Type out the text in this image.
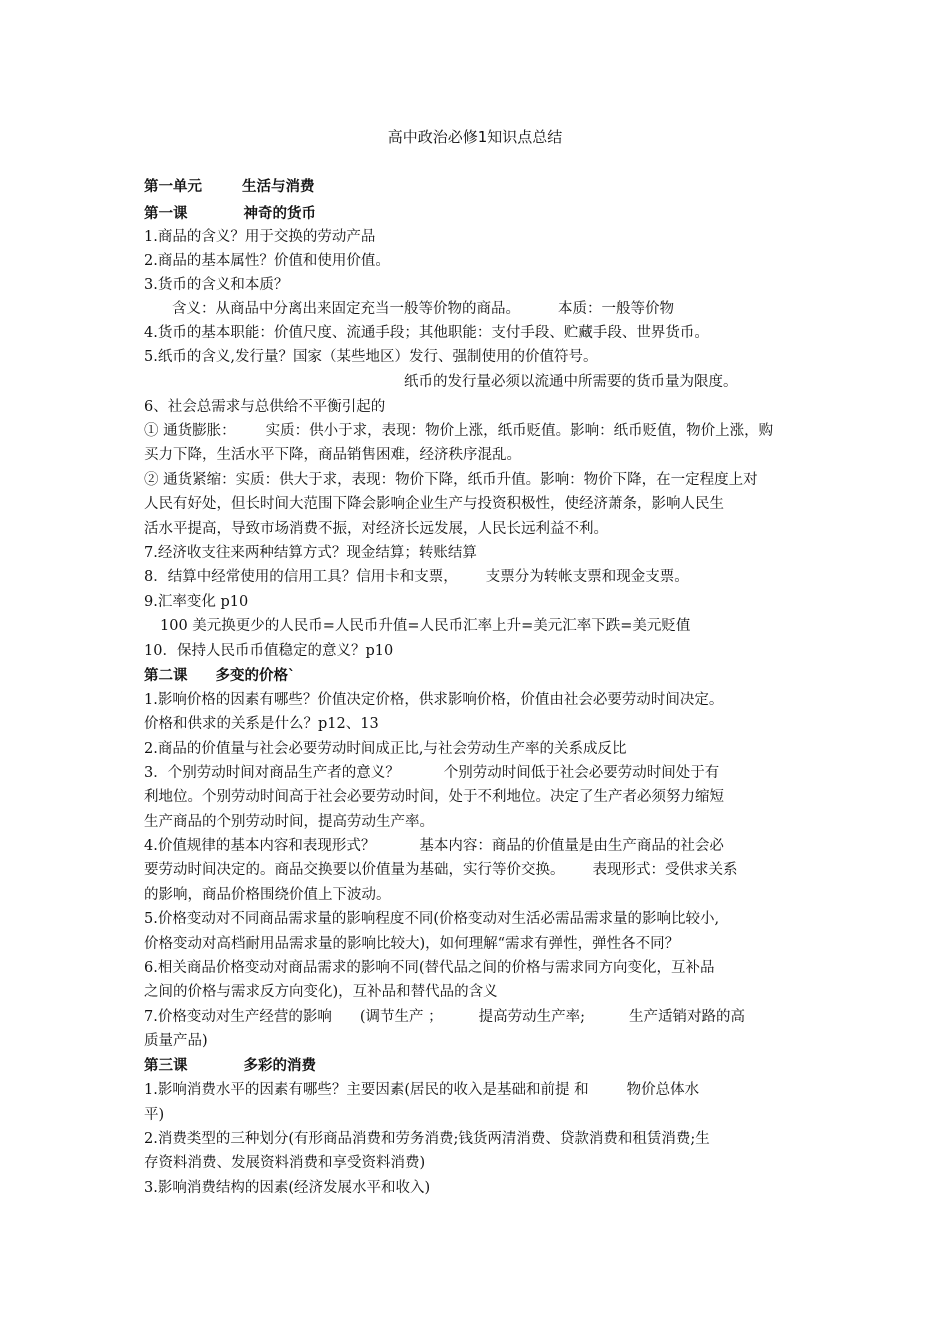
高中政治必修1知识点总结
第一单元	生活与消费
第一课	神奇的货币
1.商品的含义？用于交换的劳动产品
2.商品的基本属性？价值和使用价值。
3.货币的含义和本质？
含义：从商品中分离出来固定充当一般等价物的商品。	本质：一般等价物
4.货币的基本职能：价值尺度、流通手段；其他职能：支付手段、贮藏手段、世界货币。
5.纸币的含义,发行量？国家（某些地区）发行、强制使用的价值符号。
纸币的发行量必须以流通中所需要的货币量为限度。
6、社会总需求与总供给不平衡引起的
① 通货膨胀： 实质：供小于求，表现：物价上涨，纸币贬值。影响：纸币贬值，物价上涨，购
买力下降，生活水平下降，商品销售困难，经济秩序混乱。
② 通货紧缩：实质：供大于求，表现：物价下降，纸币升值。影响：物价下降，在一定程度上对
人民有好处，但长时间大范围下降会影响企业生产与投资积极性，使经济萧条，影响人民生
活水平提高，导致市场消费不振，对经济长远发展，人民长远利益不利。
7.经济收支往来两种结算方式？现金结算；转账结算
8．结算中经常使用的信用工具？信用卡和支票， 支票分为转帐支票和现金支票。
9.汇率变化 p10
100 美元换更少的人民币=人民币升值=人民币汇率上升=美元汇率下跌=美元贬值
10．保持人民币币值稳定的意义？p10
第二课 多变的价格`
1.影响价格的因素有哪些？价值决定价格，供求影响价格，价值由社会必要劳动时间决定。
价格和供求的关系是什么？p12、13
2.商品的价值量与社会必要劳动时间成正比,与社会劳动生产率的关系成反比
3．个别劳动时间对商品生产者的意义？	个别劳动时间低于社会必要劳动时间处于有
利地位。个别劳动时间高于社会必要劳动时间，处于不利地位。决定了生产者必须努力缩短
生产商品的个别劳动时间，提高劳动生产率。
4.价值规律的基本内容和表现形式？	基本内容：商品的价值量是由生产商品的社会必
要劳动时间决定的。商品交换要以价值量为基础，实行等价交换。 表现形式：受供求关系
的影响，商品价格围绕价值上下波动。
5.价格变动对不同商品需求量的影响程度不同(价格变动对生活必需品需求量的影响比较小,
价格变动对高档耐用品需求量的影响比较大)，如何理解“需求有弹性，弹性各不同？
6.相关商品价格变动对商品需求的影响不同(替代品之间的价格与需求同方向变化，互补品
之间的价格与需求反方向变化)，互补品和替代品的含义
7.价格变动对生产经营的影响 (调节生产 ； 提高劳动生产率;	生产适销对路的高
质量产品)
第三课	多彩的消费
1.影响消费水平的因素有哪些？主要因素(居民的收入是基础和前提 和	物价总体水
平)
2.消费类型的三种划分(有形商品消费和劳务消费;钱货两清消费、贷款消费和租赁消费;生
存资料消费、发展资料消费和享受资料消费)
3.影响消费结构的因素(经济发展水平和收入)
